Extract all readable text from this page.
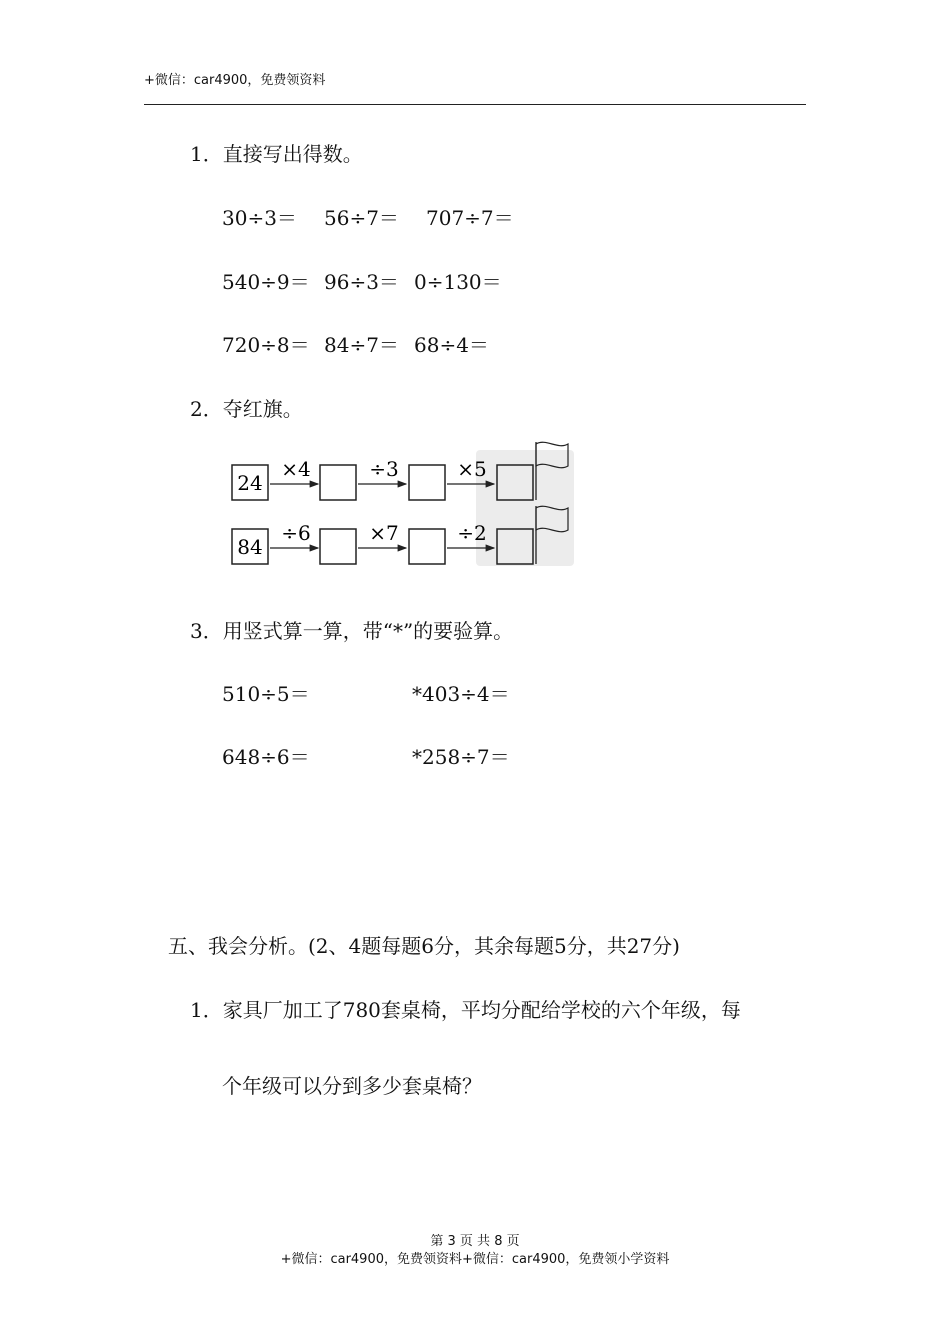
+微信：car4900，免费领资料
1．直接写出得数。
30÷3＝ 56÷7＝ 707÷7＝
540÷9＝ 96÷3＝ 0÷130＝
720÷8＝ 84÷7＝ 68÷4＝
2．夺红旗。
24
×4	÷3	×5
84
÷6	×7	÷2
3．用竖式算一算，带“*”的要验算。
510÷5＝	*403÷4＝
648÷6＝	*258÷7＝
五、我会分析。(2、4题每题6分，其余每题5分，共27分)
1．家具厂加工了780套桌椅，平均分配给学校的六个年级，每
个年级可以分到多少套桌椅？
第 3 页 共 8 页
+微信：car4900，免费领资料+微信：car4900，免费领小学资料
